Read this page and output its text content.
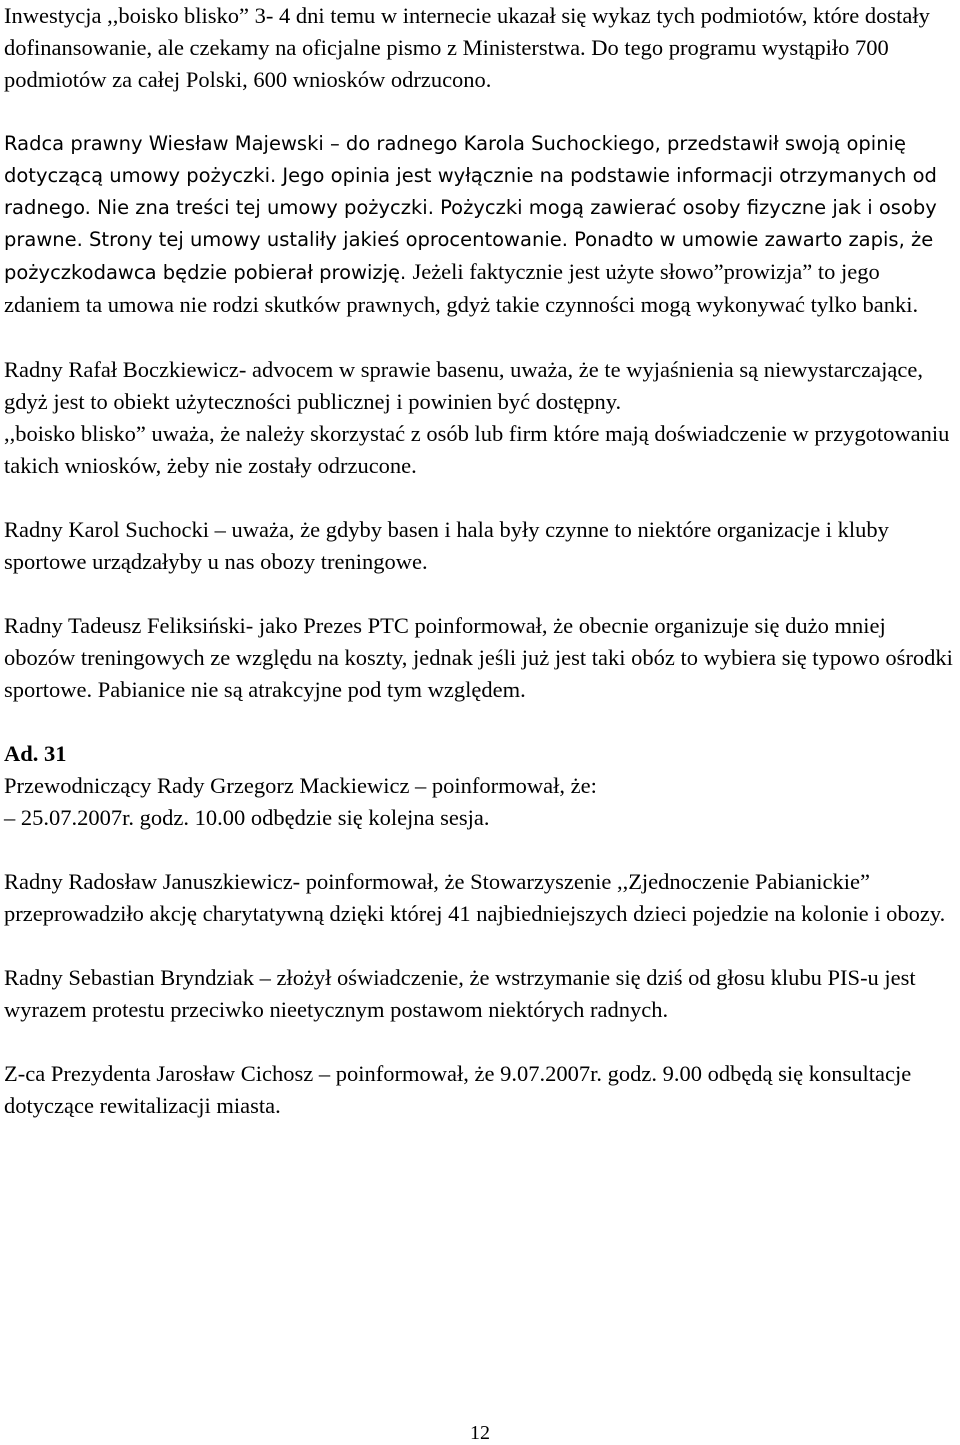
Inwestycja ,,boisko blisko” 3- 4 dni temu w internecie ukazał się wykaz tych podmiotów, które dostały dofinansowanie, ale czekamy na oficjalne pismo z Ministerstwa. Do tego programu wystąpiło 700 podmiotów za całej Polski, 600 wniosków odrzucono.

Radca prawny Wiesław Majewski – do radnego Karola Suchockiego, przedstawił swoją opinię dotyczącą umowy pożyczki. Jego opinia jest wyłącznie na podstawie informacji otrzymanych od radnego. Nie zna treści tej umowy pożyczki. Pożyczki mogą zawierać osoby fizyczne jak i osoby prawne. Strony tej umowy ustaliły jakieś oprocentowanie. Ponadto w umowie zawarto zapis, że pożyczkodawca będzie pobierał prowizję. Jeżeli faktycznie jest użyte słowo”prowizja” to jego zdaniem ta umowa nie rodzi skutków prawnych, gdyż takie czynności mogą wykonywać tylko banki.

Radny Rafał Boczkiewicz- advocem w sprawie basenu, uważa, że te wyjaśnienia są niewystarczające, gdyż jest to obiekt użyteczności publicznej i powinien być dostępny.

,,boisko blisko” uważa, że należy skorzystać z osób lub firm które mają doświadczenie w przygotowaniu takich wniosków, żeby nie zostały odrzucone.

Radny Karol Suchocki – uważa, że gdyby basen i hala były czynne to niektóre organizacje i kluby sportowe urządzałyby u nas obozy treningowe.

Radny Tadeusz Feliksiński- jako Prezes PTC poinformował, że obecnie organizuje się dużo mniej obozów treningowych ze względu na koszty, jednak jeśli już jest taki obóz to wybiera się typowo ośrodki sportowe. Pabianice nie są atrakcyjne pod tym względem.

Ad. 31

Przewodniczący Rady Grzegorz Mackiewicz – poinformował, że:

– 25.07.2007r. godz. 10.00 odbędzie się kolejna sesja.

Radny Radosław Januszkiewicz- poinformował, że Stowarzyszenie ,,Zjednoczenie Pabianickie” przeprowadziło akcję charytatywną dzięki której 41 najbiedniejszych dzieci pojedzie na kolonie i obozy.

Radny Sebastian Bryndziak – złożył oświadczenie, że wstrzymanie się dziś od głosu klubu PIS-u jest wyrazem protestu przeciwko nieetycznym postawom niektórych radnych.

Z-ca Prezydenta Jarosław Cichosz – poinformował, że 9.07.2007r. godz. 9.00 odbędą się konsultacje dotyczące rewitalizacji miasta.

12
